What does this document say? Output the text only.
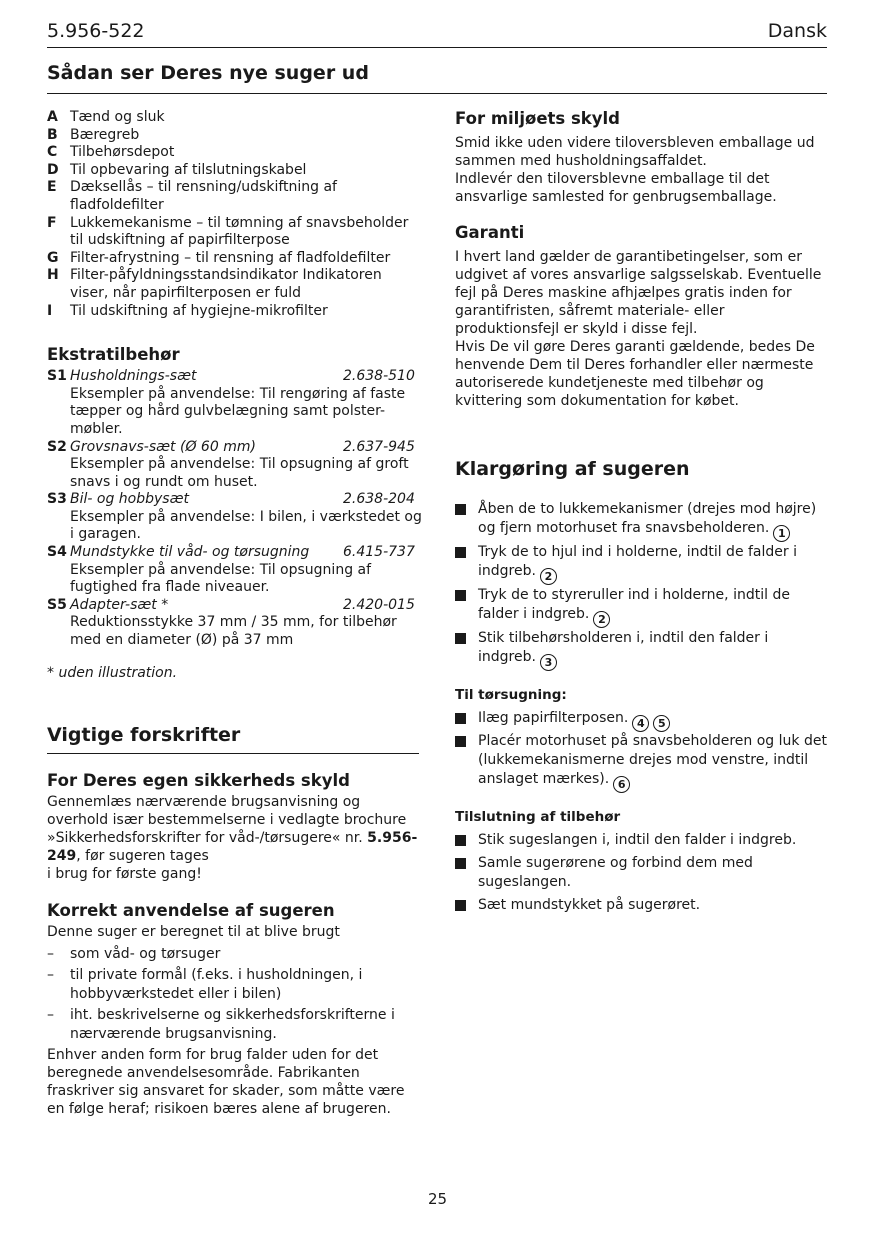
5.956-522	Dansk
Sådan ser Deres nye suger ud
A Tænd og sluk
B Bæregreb
C Tilbehørsdepot
D Til opbevaring af tilslutningskabel
E Dæksellås – til rensning/udskiftning af fladfoldefilter
F Lukkemekanisme – til tømning af snavsbeholder til udskiftning af papirfilterpose
G Filter-afrystning – til rensning af fladfoldefilter
H Filter-påfyldningsstandsindikator Indikatoren viser, når papirfilterposen er fuld
I Til udskiftning af hygiejne-mikrofilter
Ekstratilbehør
S1 Husholdnings-sæt	2.638-510

Eksempler på anvendelse: Til rengøring af faste tæpper og hård gulvbelægning samt polster-møbler.
S2 Grovsnavs-sæt (Ø 60 mm)	2.637-945

Eksempler på anvendelse: Til opsugning af groft snavs i og rundt om huset.
S3 Bil- og hobbysæt	2.638-204

Eksempler på anvendelse: I bilen, i værkstedet og i garagen.
S4 Mundstykke til våd- og tørsugning 6.415-737

Eksempler på anvendelse: Til opsugning af fugtighed fra flade niveauer.
S5 Adapter-sæt *	2.420-015

Reduktionsstykke 37 mm / 35 mm, for tilbehør med en diameter (Ø) på 37 mm

* uden illustration.

Vigtige forskrifter
For Deres egen sikkerheds skyld

Gennemlæs nærværende brugsanvisning og overhold især bestemmelserne i vedlagte brochure »Sikkerhedsforskrifter for våd-/tørsugere« nr. 5.956-249, før sugeren tages
i brug for første gang!

Korrekt anvendelse af sugeren

Denne suger er beregnet til at blive brugt

– som våd- og tørsuger
– til private formål (f.eks. i husholdningen, i hobbyværkstedet eller i bilen)
– iht. beskrivelserne og sikkerhedsforskrifterne i nærværende brugsanvisning.

Enhver anden form for brug falder uden for det beregnede anvendelsesområde. Fabrikanten fraskriver sig ansvaret for skader, som måtte være en følge heraf; risikoen bæres alene af brugeren.

For miljøets skyld

Smid ikke uden videre tiloversbleven emballage ud sammen med husholdningsaffaldet.

Indlevér den tiloversblevne emballage til det ansvarlige samlested for genbrugsemballage.

Garanti

I hvert land gælder de garantibetingelser, som er udgivet af vores ansvarlige salgsselskab. Eventuelle fejl på Deres maskine afhjælpes gratis inden for garantifristen, såfremt materiale- eller produktionsfejl er skyld i disse fejl.

Hvis De vil gøre Deres garanti gældende, bedes De henvende Dem til Deres forhandler eller nærmeste autoriserede kundetjeneste med tilbehør og kvittering som dokumentation for købet.

Klargøring af sugeren
Åben de to lukkemekanismer (drejes mod højre) og fjern motorhuset fra snavsbeholderen. 1
Tryk de to hjul ind i holderne, indtil de falder i indgreb. 2
Tryk de to styreruller ind i holderne, indtil de falder i indgreb. 2
Stik tilbehørsholderen i, indtil den falder i indgreb. 3
Til tørsugning:
Ilæg papirfilterposen. 4 5
Placér motorhuset på snavsbeholderen og luk det (lukkemekanismerne drejes mod venstre, indtil anslaget mærkes). 6
Tilslutning af tilbehør
Stik sugeslangen i, indtil den falder i indgreb.
Samle sugerørene og forbind dem med sugeslangen.
Sæt mundstykket på sugerøret.
25
